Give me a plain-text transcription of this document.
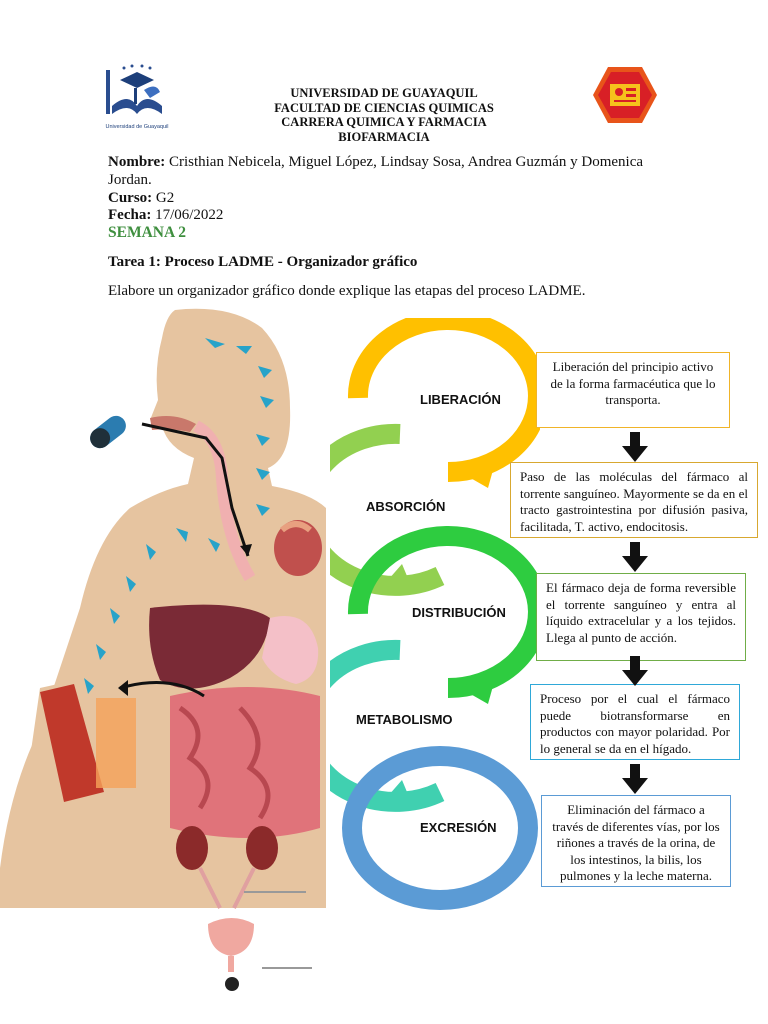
Universidad de Guayaquil
UNIVERSIDAD DE GUAYAQUIL
FACULTAD DE CIENCIAS QUIMICAS
CARRERA QUIMICA Y FARMACIA
BIOFARMACIA
Nombre: Cristhian Nebicela, Miguel López, Lindsay Sosa, Andrea Guzmán y Domenica
Jordan.
Curso: G2
Fecha: 17/06/2022
SEMANA 2
Tarea 1: Proceso LADME - Organizador gráfico
Elabore un organizador gráfico donde explique las etapas del proceso LADME.
LIBERACIÓN
ABSORCIÓN
DISTRIBUCIÓN
METABOLISMO
EXCRESIÓN
Liberación del principio activo de la forma farmacéutica que lo transporta.
Paso de las moléculas del fármaco al torrente sanguíneo. Mayormente se da en el tracto gastrointestina por difusión pasiva, facilitada, T. activo, endocitosis.
El fármaco deja de forma reversible el torrente sanguíneo y entra al líquido extracelular y a los tejidos. Llega al punto de acción.
Proceso por el cual el fármaco puede biotransformarse en productos con mayor polaridad. Por lo general se da en el hígado.
Eliminación del fármaco a través de diferentes vías, por los riñones a través de la orina, de los intestinos, la bilis, los pulmones y la leche materna.
